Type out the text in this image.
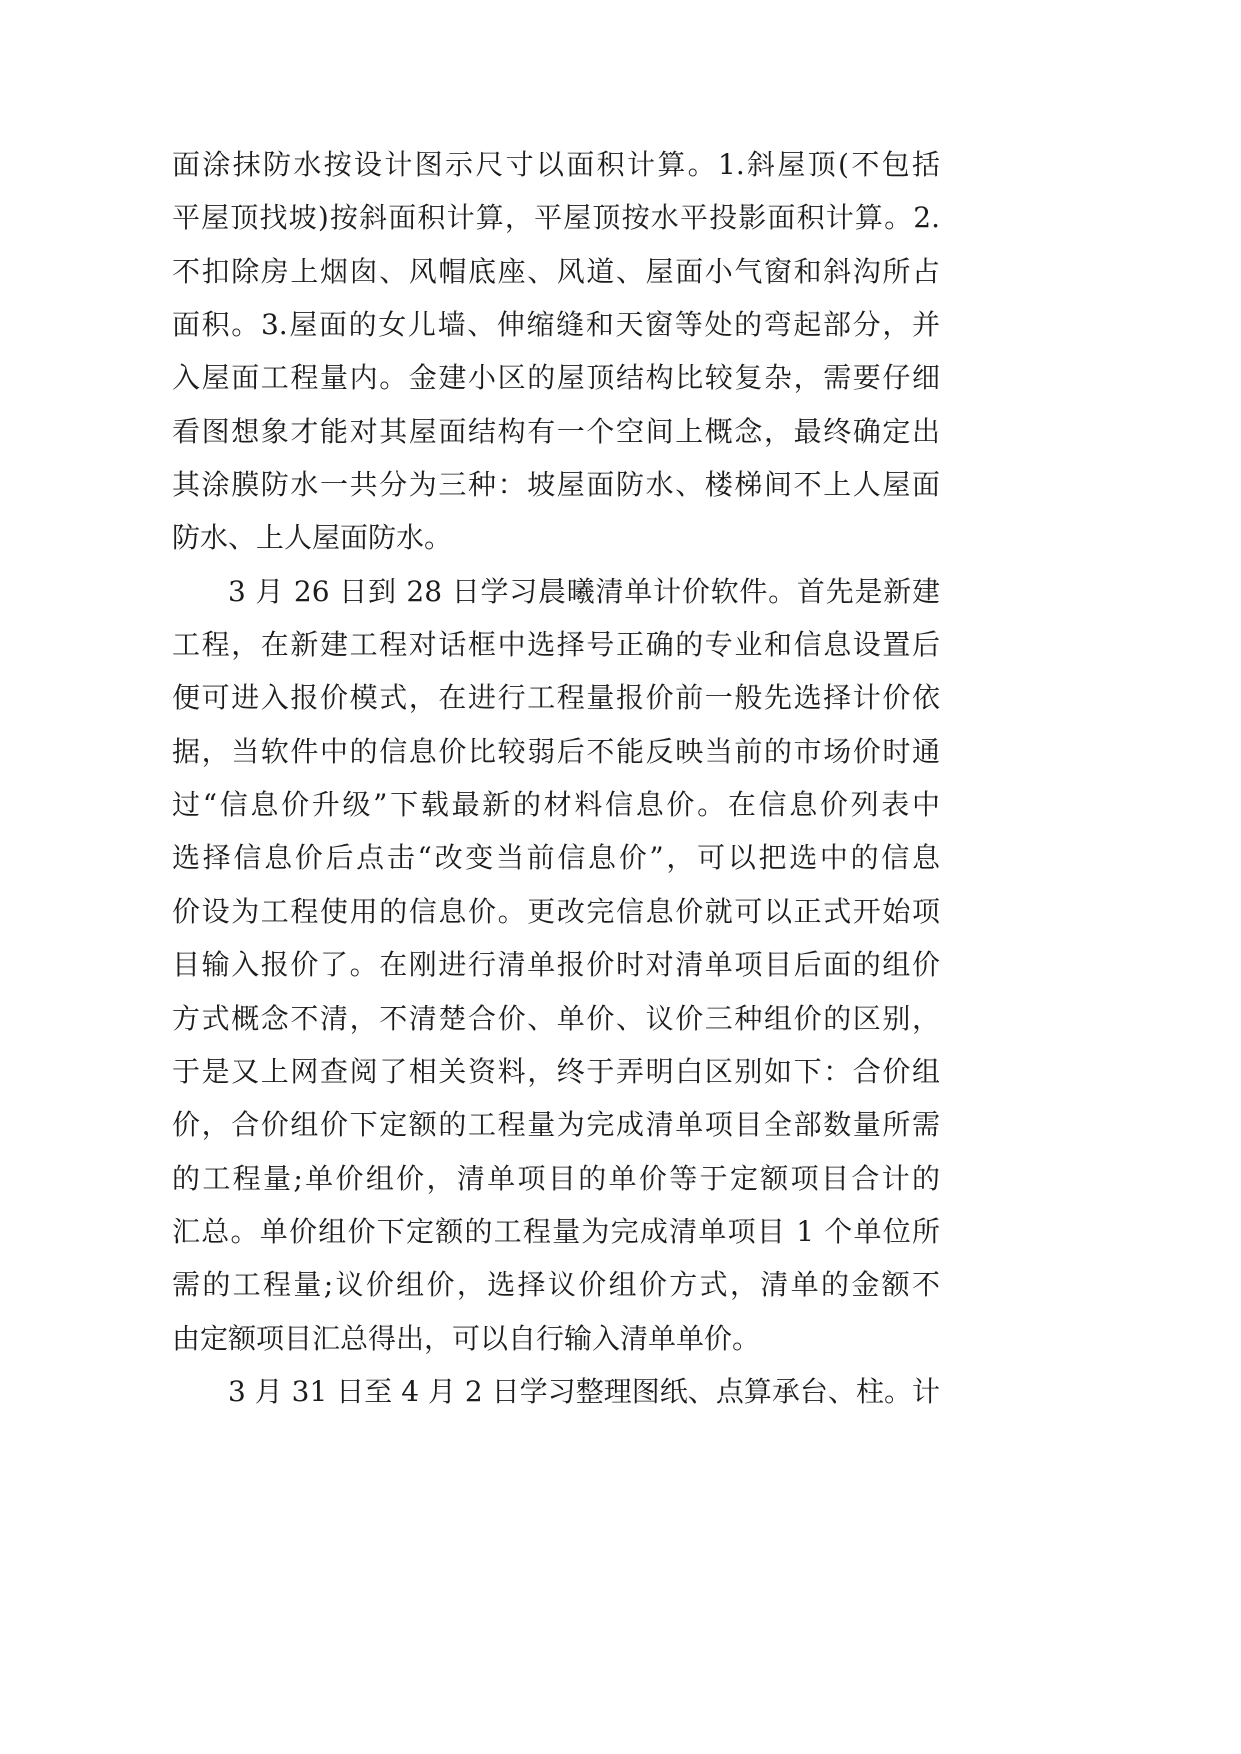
面涂抹防水按设计图示尺寸以面积计算。1.斜屋顶(不包括
平屋顶找坡)按斜面积计算，平屋顶按水平投影面积计算。2.
不扣除房上烟囱、风帽底座、风道、屋面小气窗和斜沟所占
面积。3.屋面的女儿墙、伸缩缝和天窗等处的弯起部分，并
入屋面工程量内。金建小区的屋顶结构比较复杂，需要仔细
看图想象才能对其屋面结构有一个空间上概念，最终确定出
其涂膜防水一共分为三种：坡屋面防水、楼梯间不上人屋面
防水、上人屋面防水。
3 月 26 日到 28 日学习晨曦清单计价软件。首先是新建
工程，在新建工程对话框中选择号正确的专业和信息设置后
便可进入报价模式，在进行工程量报价前一般先选择计价依
据，当软件中的信息价比较弱后不能反映当前的市场价时通
过“信息价升级”下载最新的材料信息价。在信息价列表中
选择信息价后点击“改变当前信息价”，可以把选中的信息
价设为工程使用的信息价。更改完信息价就可以正式开始项
目输入报价了。在刚进行清单报价时对清单项目后面的组价
方式概念不清，不清楚合价、单价、议价三种组价的区别，
于是又上网查阅了相关资料，终于弄明白区别如下：合价组
价，合价组价下定额的工程量为完成清单项目全部数量所需
的工程量;单价组价，清单项目的单价等于定额项目合计的
汇总。单价组价下定额的工程量为完成清单项目 1 个单位所
需的工程量;议价组价，选择议价组价方式，清单的金额不
由定额项目汇总得出，可以自行输入清单单价。
3 月 31 日至 4 月 2 日学习整理图纸、点算承台、柱。计
